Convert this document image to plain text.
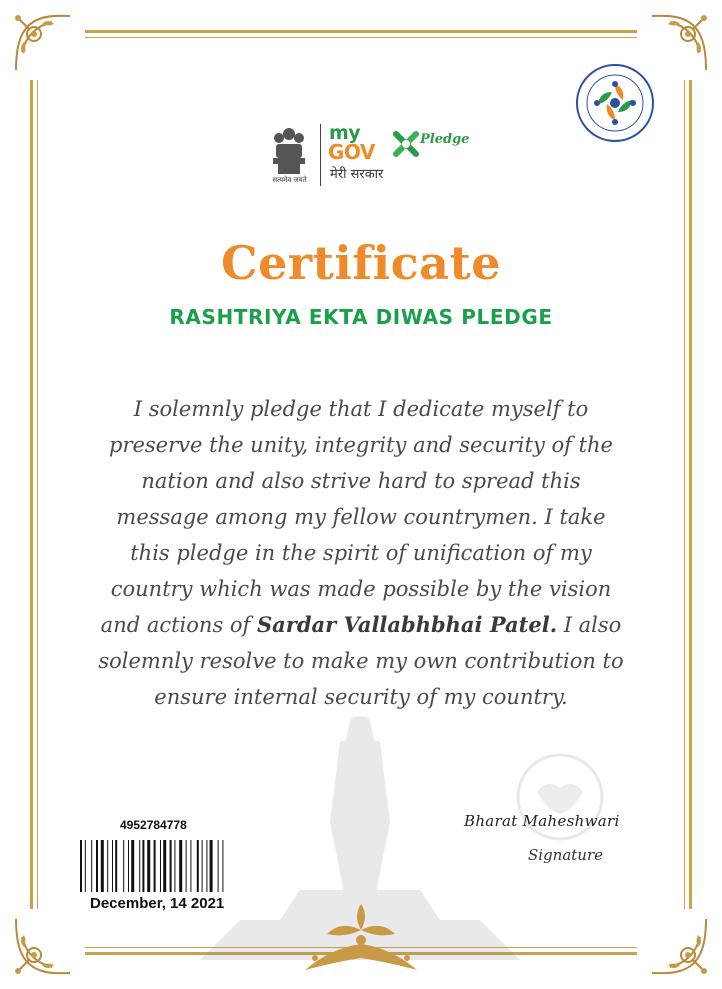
सत्यमेव जयते
my
GOV
मेरी सरकार
Pledge
Certificate
RASHTRIYA EKTA DIWAS PLEDGE
I solemnly pledge that I dedicate myself to preserve the unity, integrity and security of the nation and also strive hard to spread this message among my fellow countrymen. I take this pledge in the spirit of unification of my country which was made possible by the vision and actions of Sardar Vallabhbhai Patel. I also solemnly resolve to make my own contribution to ensure internal security of my country.
Bharat Maheshwari
Signature
4952784778
December, 14 2021
